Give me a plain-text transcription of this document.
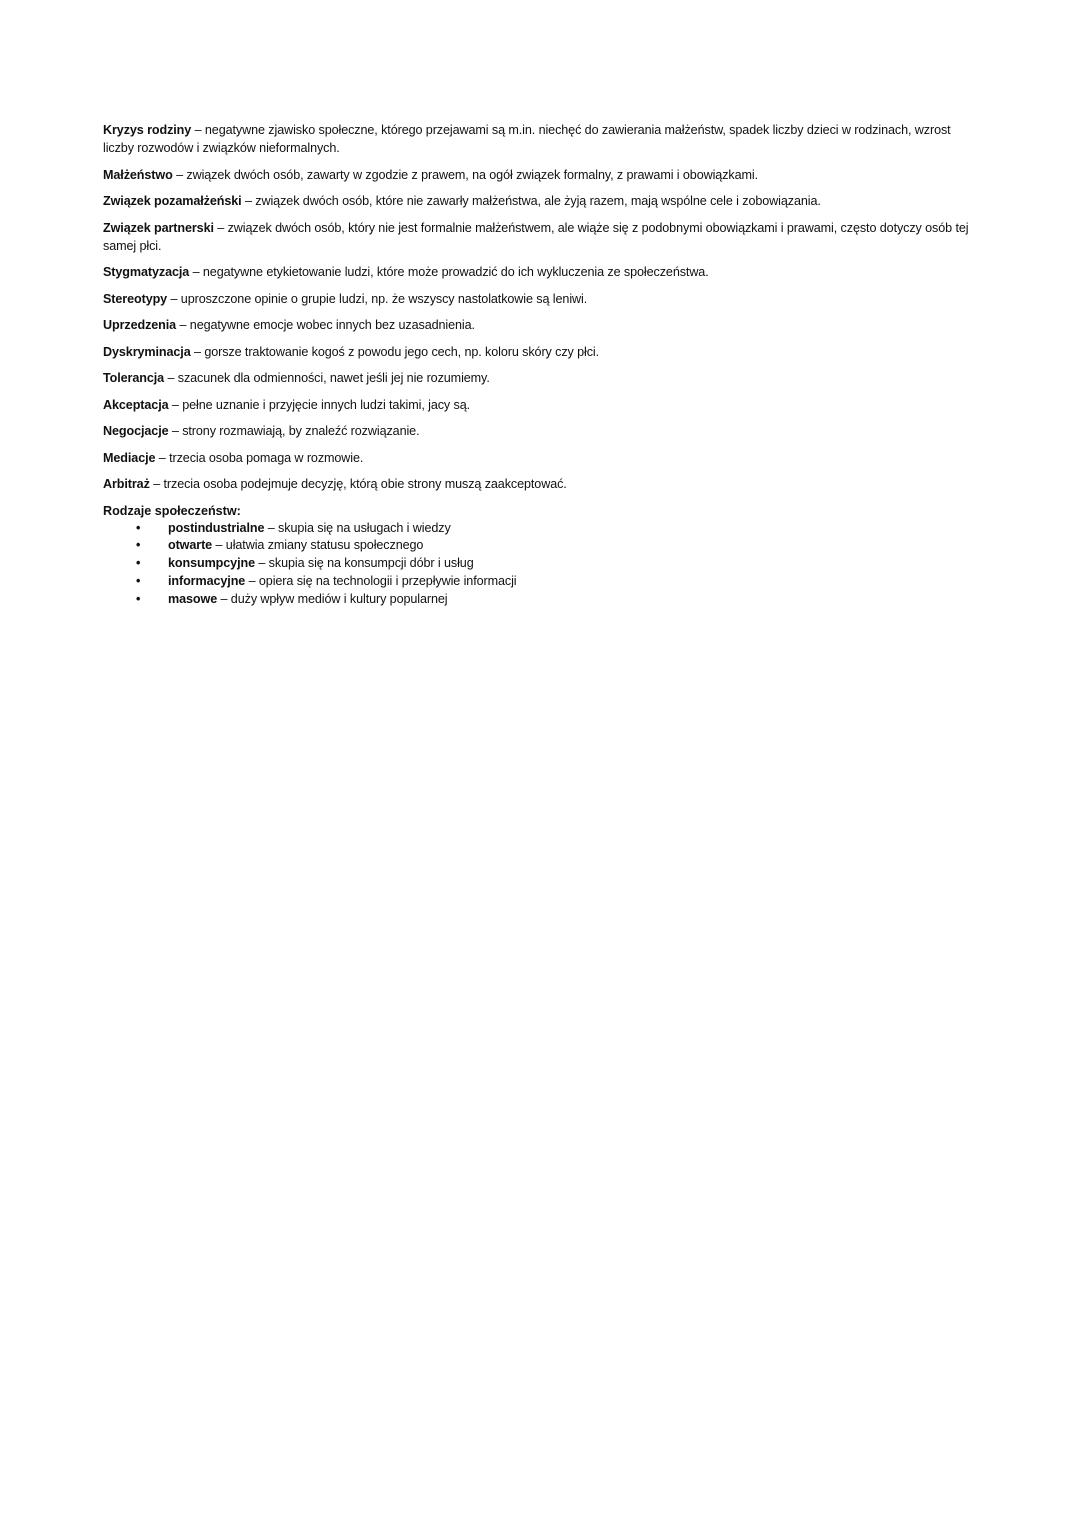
Kryzys rodziny – negatywne zjawisko społeczne, którego przejawami są m.in. niechęć do zawierania małżeństw, spadek liczby dzieci w rodzinach, wzrost liczby rozwodów i związków nieformalnych.

Małżeństwo – związek dwóch osób, zawarty w zgodzie z prawem, na ogół związek formalny, z prawami i obowiązkami.

Związek pozamałżeński – związek dwóch osób, które nie zawarły małżeństwa, ale żyją razem, mają wspólne cele i zobowiązania.

Związek partnerski – związek dwóch osób, który nie jest formalnie małżeństwem, ale wiąże się z podobnymi obowiązkami i prawami, często dotyczy osób tej samej płci.

Stygmatyzacja – negatywne etykietowanie ludzi, które może prowadzić do ich wykluczenia ze społeczeństwa.

Stereotypy – uproszczone opinie o grupie ludzi, np. że wszyscy nastolatkowie są leniwi.

Uprzedzenia – negatywne emocje wobec innych bez uzasadnienia.

Dyskryminacja – gorsze traktowanie kogoś z powodu jego cech, np. koloru skóry czy płci.

Tolerancja – szacunek dla odmienności, nawet jeśli jej nie rozumiemy.

Akceptacja – pełne uznanie i przyjęcie innych ludzi takimi, jacy są.

Negocjacje – strony rozmawiają, by znaleźć rozwiązanie.

Mediacje – trzecia osoba pomaga w rozmowie.

Arbitraż – trzecia osoba podejmuje decyzję, którą obie strony muszą zaakceptować.

Rodzaje społeczeństw:

• postindustrialne – skupia się na usługach i wiedzy
• otwarte – ułatwia zmiany statusu społecznego
• konsumpcyjne – skupia się na konsumpcji dóbr i usług
• informacyjne – opiera się na technologii i przepływie informacji
• masowe – duży wpływ mediów i kultury popularnej
